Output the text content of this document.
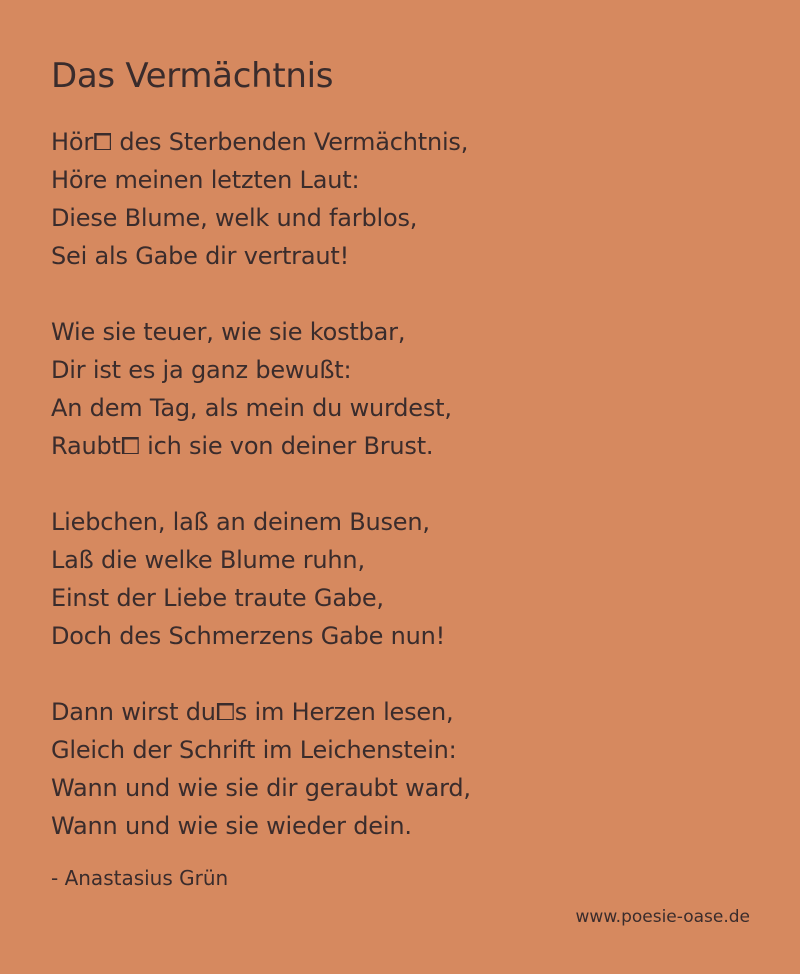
Das Vermächtnis
Hör⧠ des Sterbenden Vermächtnis,
Höre meinen letzten Laut:
Diese Blume, welk und farblos,
Sei als Gabe dir vertraut!
Wie sie teuer, wie sie kostbar,
Dir ist es ja ganz bewußt:
An dem Tag, als mein du wurdest,
Raubt⧠ ich sie von deiner Brust.
Liebchen, laß an deinem Busen,
Laß die welke Blume ruhn,
Einst der Liebe traute Gabe,
Doch des Schmerzens Gabe nun!
Dann wirst du⧠s im Herzen lesen,
Gleich der Schrift im Leichenstein:
Wann und wie sie dir geraubt ward,
Wann und wie sie wieder dein.
- Anastasius Grün
www.poesie-oase.de
